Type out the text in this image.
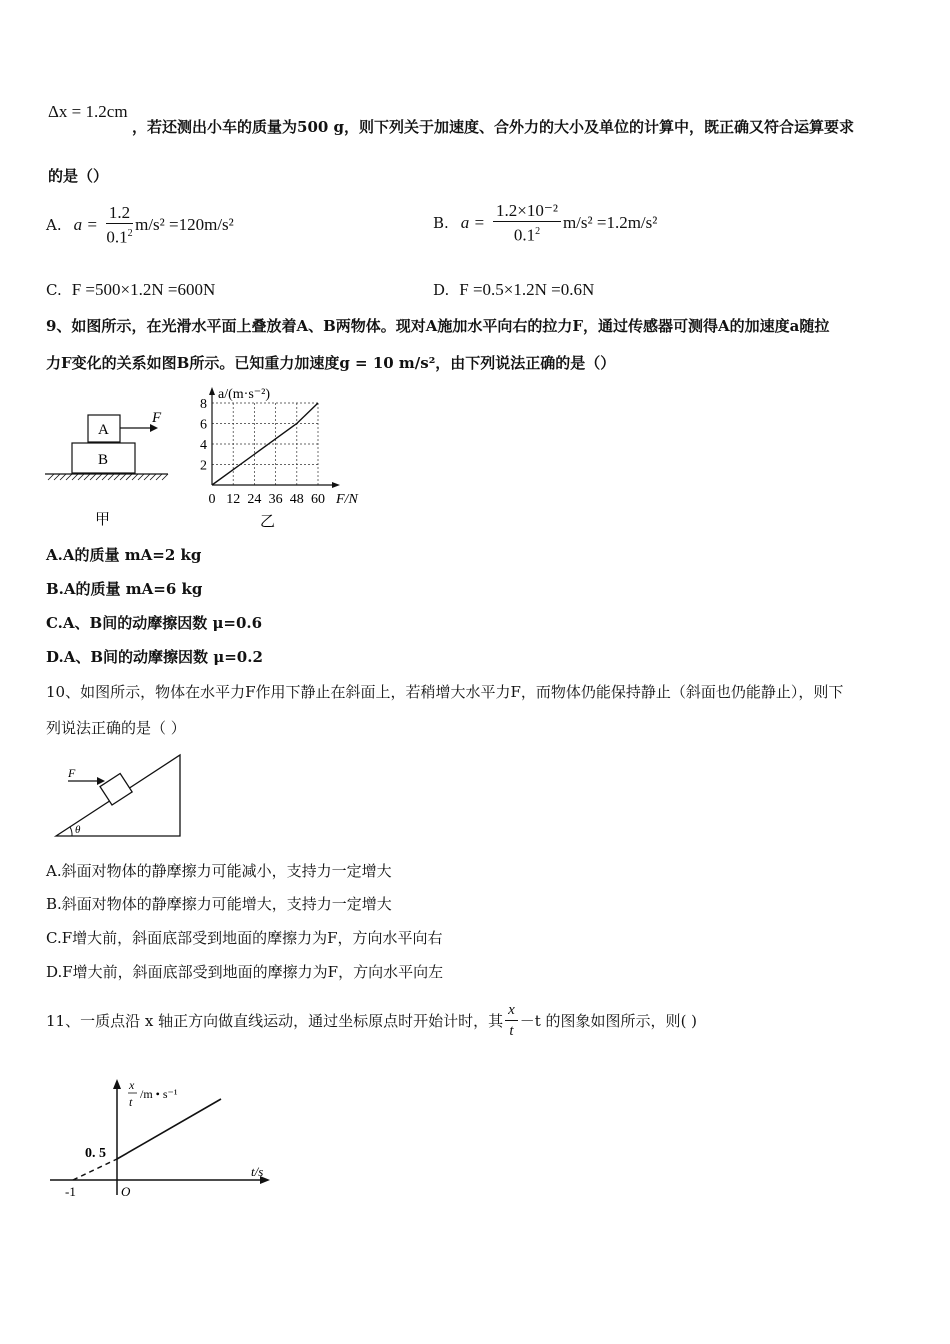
Δx = 1.2cm
，若还测出小车的质量为500 g，则下列关于加速度、合外力的大小及单位的计算中，既正确又符合运算要求
的是（）
A. $a = \frac{1.2}{0.1^2} m/s^2 =120m/s^2$	B. $a = \frac{\text{1.2×10⁻²}}{0.1^2} m/s^2 =1.2m/s^2$
C. F =500×1.2N =600N	D. F =0.5×1.2N =0.6N
9、如图所示，在光滑水平面上叠放着A、B两物体。现对A施加水平向右的拉力F，通过传感器可测得A的加速度a随拉
力F变化的关系如图B所示。已知重力加速度g = 10 m/s²，由下列说法正确的是（）
A
B
F
甲
0 12 24 36 48 60
2
4
6
8
a/(m·s⁻²)
F/N
乙
A.A的质量 mA=2 kg
B.A的质量 mA=6 kg
C.A、B间的动摩擦因数 μ=0.6
D.A、B间的动摩擦因数 μ=0.2
10、如图所示，物体在水平力F作用下静止在斜面上，若稍增大水平力F，而物体仍能保持静止（斜面也仍能静止），则下
列说法正确的是（ ）
F
θ
A.斜面对物体的静摩擦力可能减小，支持力一定增大
B.斜面对物体的静摩擦力可能增大，支持力一定增大
C.F增大前，斜面底部受到地面的摩擦力为F，方向水平向右
D.F增大前，斜面底部受到地面的摩擦力为F，方向水平向左
11、一质点沿 x 轴正方向做直线运动，通过坐标原点时开始计时，其 $\frac{x}{t} -t$ 的图象如图所示，则( )
x
t
/m • s⁻¹
0. 5
t/s
-1	O
